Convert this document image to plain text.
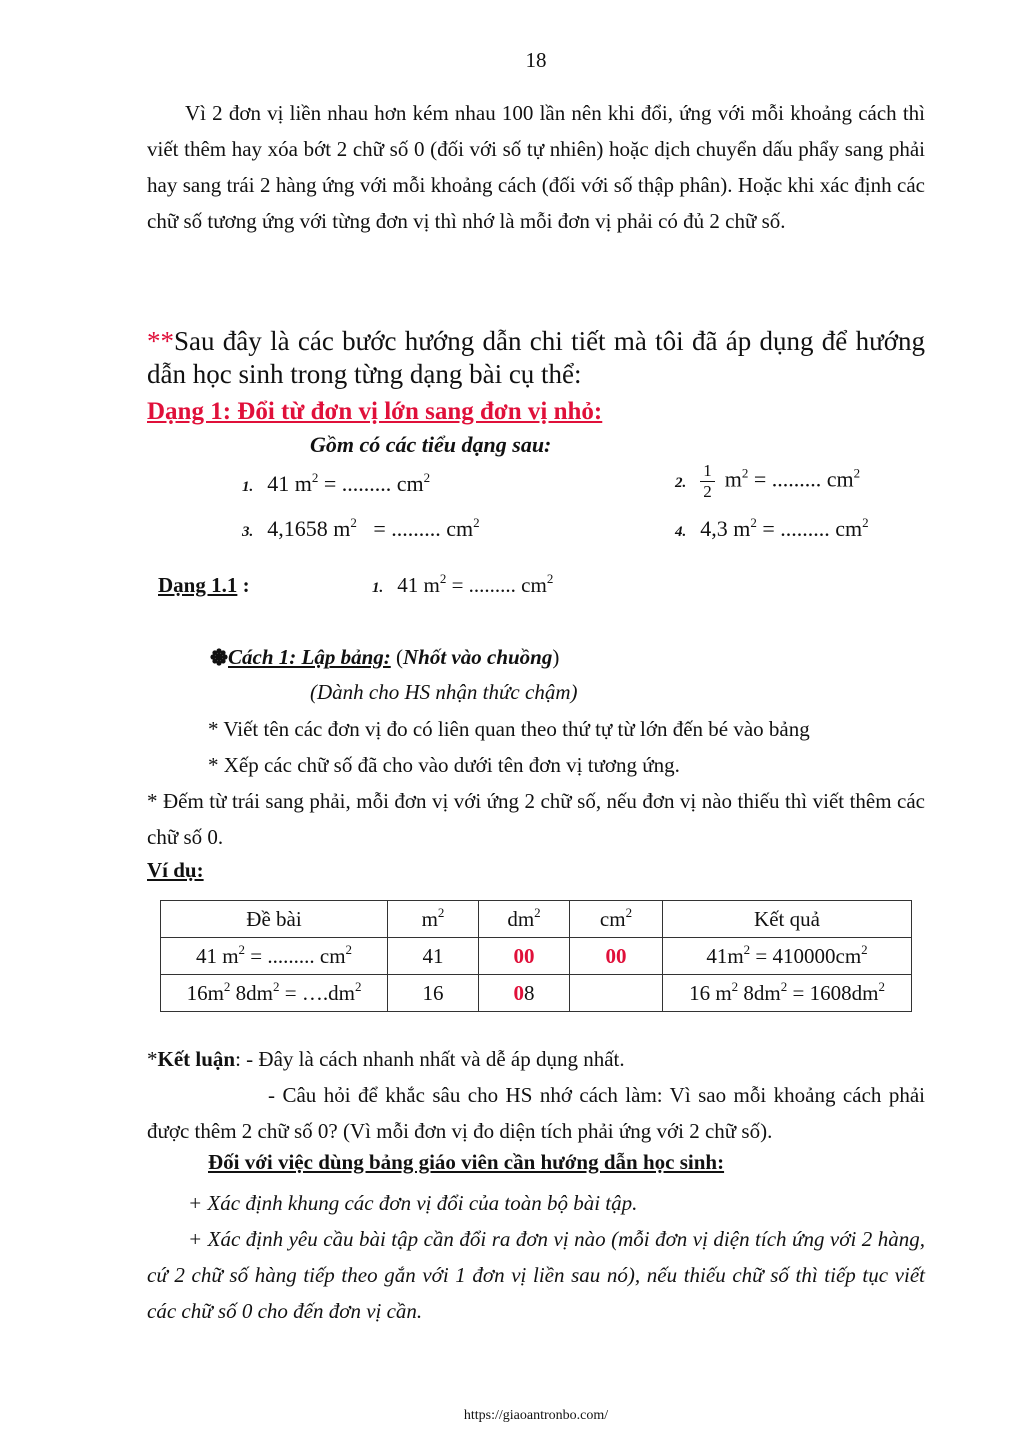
18
Vì 2 đơn vị liền nhau hơn kém nhau 100 lần nên khi đổi, ứng với mỗi khoảng cách thì viết thêm hay xóa bớt 2 chữ số 0 (đối với số tự nhiên) hoặc dịch chuyển dấu phẩy sang phải hay sang trái 2 hàng ứng với mỗi khoảng cách (đối với số thập phân). Hoặc khi xác định các chữ số tương ứng với từng đơn vị thì nhớ là mỗi đơn vị phải có đủ 2 chữ số.
**Sau đây là các bước hướng dẫn chi tiết mà tôi đã áp dụng để hướng dẫn học sinh trong từng dạng bài cụ thể:
Dạng 1: Đổi từ đơn vị lớn sang đơn vị nhỏ:
Gồm có các tiểu dạng sau:
1. 41 $m^2$ = ......... $cm^2$	2. $\frac{1}{2} m^2$ = ......... $cm^2$
3. 4,1658 $m^2$   = ......... $cm^2$
4. 4,3 $m^2$ = ......... $cm^2$
Dạng 1.1 :	1. 41 $m^2$ = ......... $cm^2$
Cách 1: Lập bảng: (Nhốt vào chuồng)
(Dành cho HS nhận thức chậm)
* Viết tên các đơn vị đo có liên quan theo thứ tự từ lớn đến bé vào bảng
* Xếp các chữ số đã cho vào dưới tên đơn vị tương ứng.
* Đếm từ trái sang phải, mỗi đơn vị với ứng 2 chữ số, nếu đơn vị nào thiếu thì viết thêm các chữ số 0.
Ví dụ:
Đề bài	$m^2$	$dm^2$	$cm^2$	Kết quả
41 $m^2$ = ......... $cm^2$	41	00	00	$41m^2 = 410000cm^2$
$16m^2$ $8dm^2$ = $\dots.dm^2$	16	08		16 $m^2$ $8dm^2 = 1608dm^2$
*Kết luận: - Đây là cách nhanh nhất và dễ áp dụng nhất.
- Câu hỏi để khắc sâu cho HS nhớ cách làm: Vì sao mỗi khoảng cách phải được thêm 2 chữ số 0? (Vì mỗi đơn vị đo diện tích phải ứng với 2 chữ số).
Đối với việc dùng bảng giáo viên cần hướng dẫn học sinh:
+ Xác định khung các đơn vị đổi của toàn bộ bài tập.
+ Xác định yêu cầu bài tập cần đổi ra đơn vị nào (mỗi đơn vị diện tích ứng với 2 hàng, cứ 2 chữ số hàng tiếp theo gắn với 1 đơn vị liền sau nó), nếu thiếu chữ số thì tiếp tục viết các chữ số 0 cho đến đơn vị cần.
https://giaoantronbo.com/
